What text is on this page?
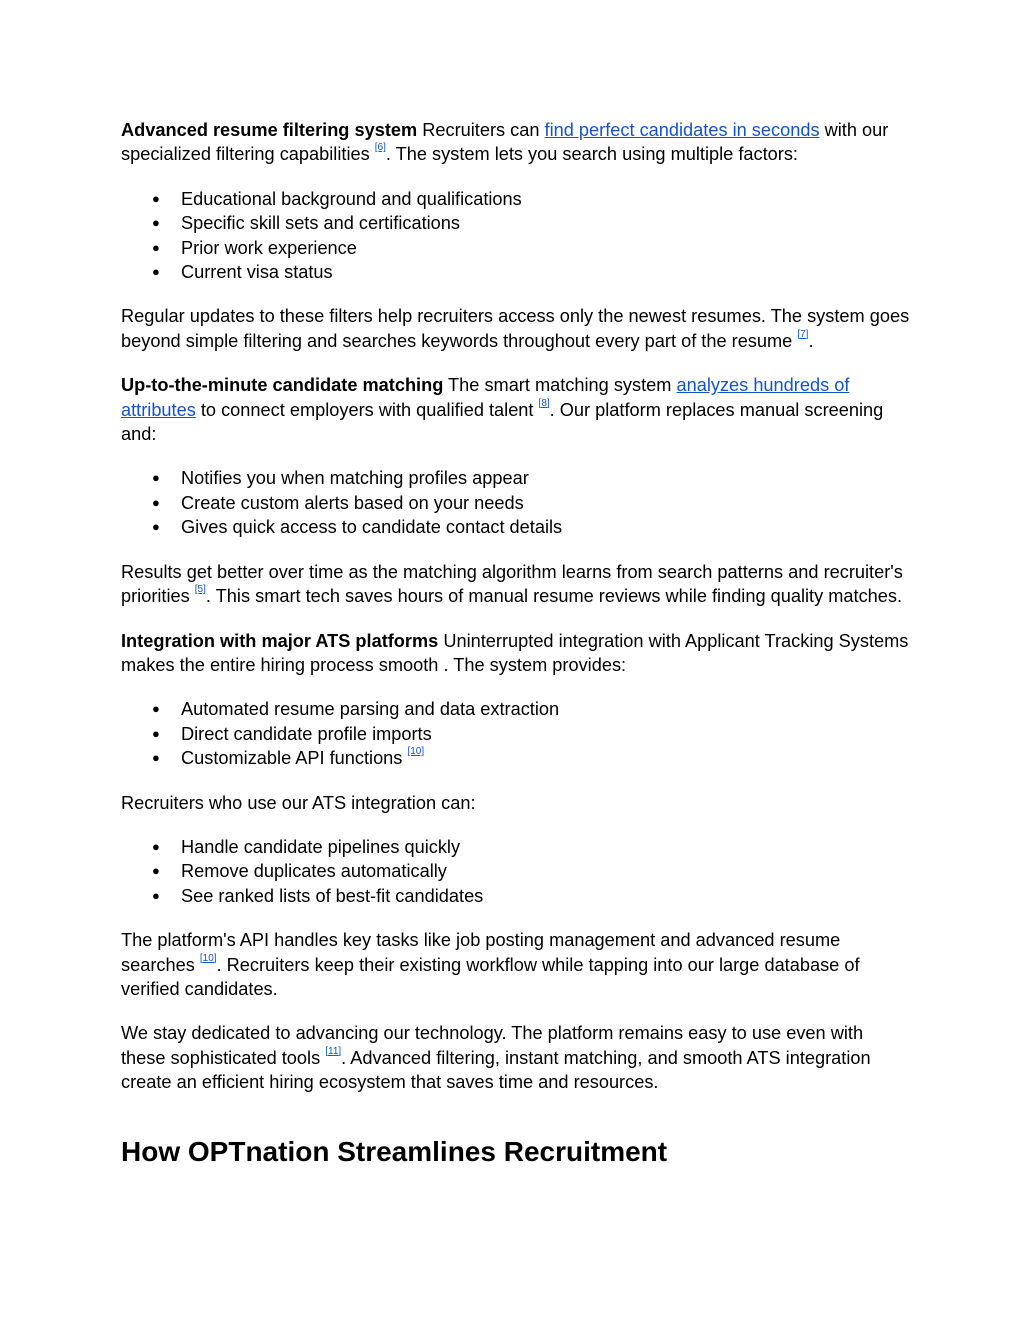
Advanced resume filtering system Recruiters can find perfect candidates in seconds with our specialized filtering capabilities [6]. The system lets you search using multiple factors:

● Educational background and qualifications
● Specific skill sets and certifications
● Prior work experience
● Current visa status

Regular updates to these filters help recruiters access only the newest resumes. The system goes beyond simple filtering and searches keywords throughout every part of the resume [7].

Up-to-the-minute candidate matching The smart matching system analyzes hundreds of attributes to connect employers with qualified talent [8]. Our platform replaces manual screening and:

● Notifies you when matching profiles appear
● Create custom alerts based on your needs
● Gives quick access to candidate contact details

Results get better over time as the matching algorithm learns from search patterns and recruiter's priorities [5]. This smart tech saves hours of manual resume reviews while finding quality matches.

Integration with major ATS platforms Uninterrupted integration with Applicant Tracking Systems makes the entire hiring process smooth . The system provides:

● Automated resume parsing and data extraction
● Direct candidate profile imports
● Customizable API functions [10]

Recruiters who use our ATS integration can:

● Handle candidate pipelines quickly
● Remove duplicates automatically
● See ranked lists of best-fit candidates

The platform's API handles key tasks like job posting management and advanced resume searches [10]. Recruiters keep their existing workflow while tapping into our large database of verified candidates.

We stay dedicated to advancing our technology. The platform remains easy to use even with these sophisticated tools [11]. Advanced filtering, instant matching, and smooth ATS integration create an efficient hiring ecosystem that saves time and resources.

How OPTnation Streamlines Recruitment
